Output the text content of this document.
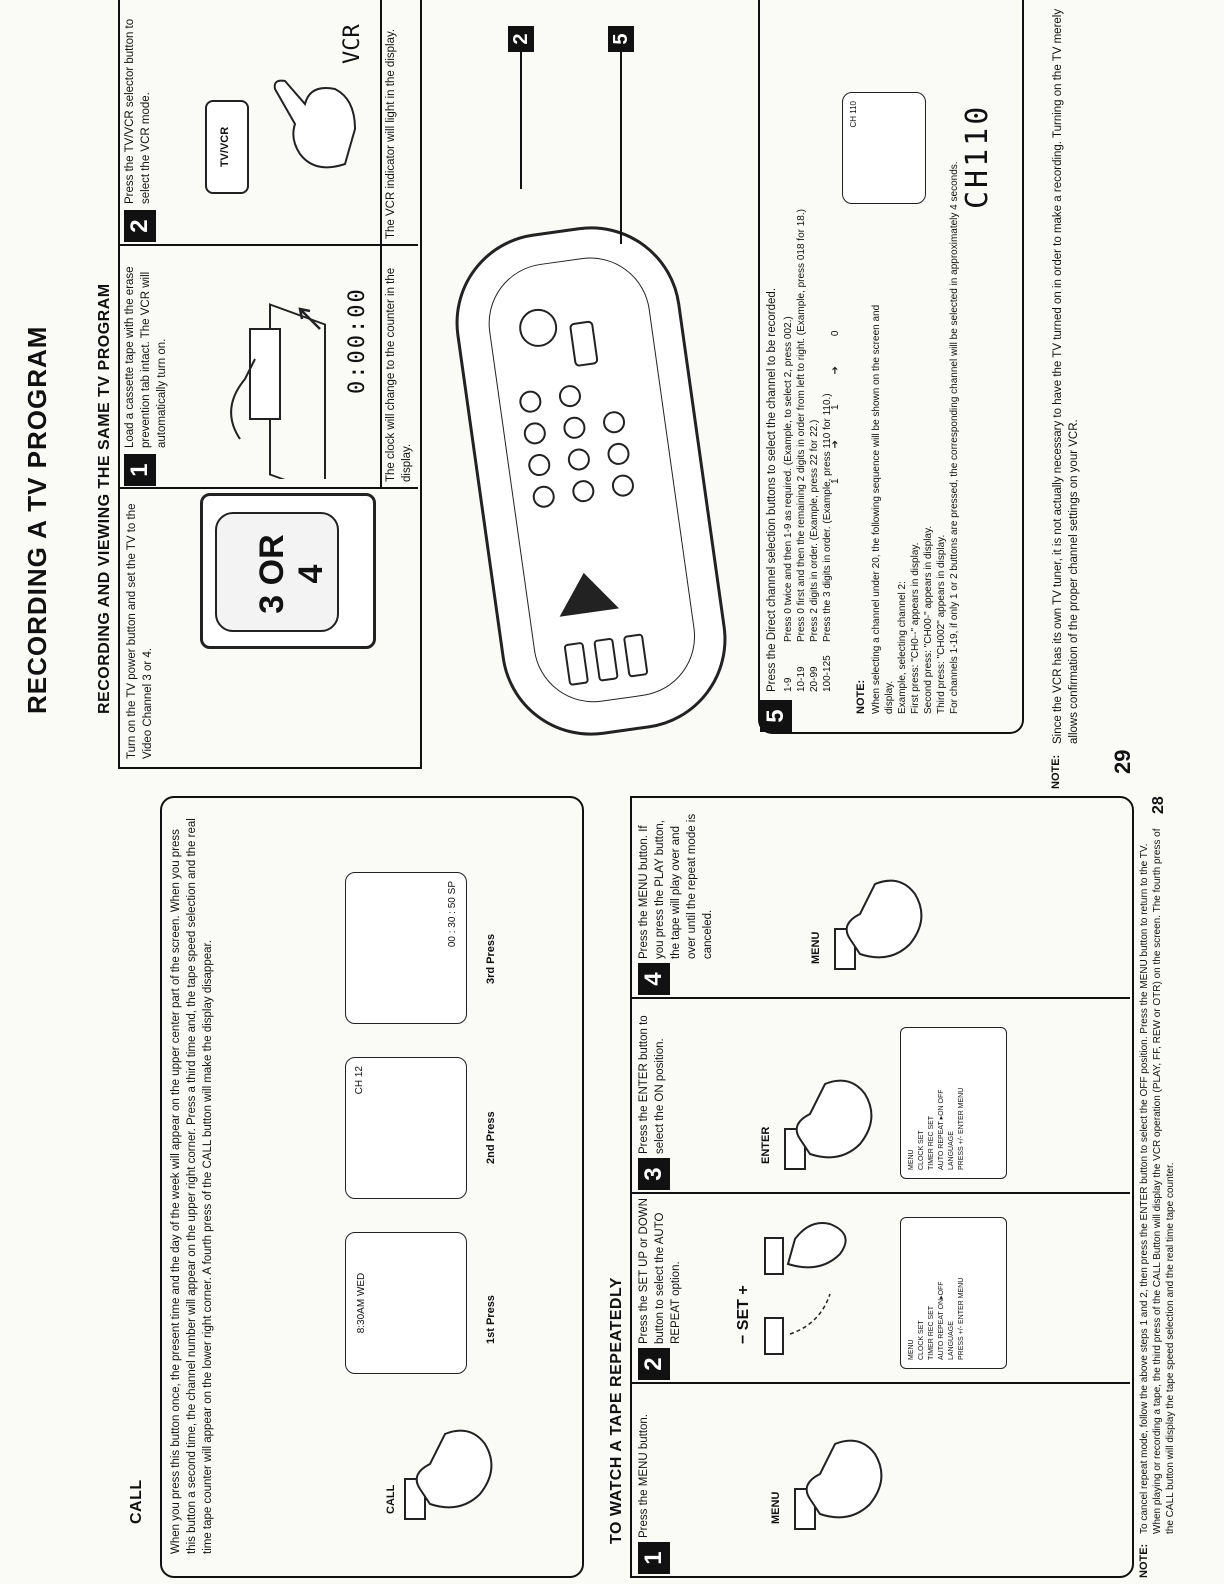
RECORDING A TV PROGRAM	RECORDING AND VIEWING THE SAME TV PROGRAM Turn on the TV power button and set the TV to the Video Channel 3 or 4.
3 OR 4
1
Load a cassette tape with the erase prevention tab intact. The VCR will automatically turn on.	0:00:00 The clock will change to the counter in the display.
2
Press the TV/VCR selector button to select the VCR mode.	TV/VCR
VCR The VCR indicator will light in the display.	2	5
5
Press the Direct channel selection buttons to select the channel to be recorded. 1-9
Press 0 twice and then 1-9 as required. (Example, to select 2, press 002.)
10-19
Press 0 first and then the remaining 2 digits in order from left to right. (Example, press 018 for 18.)
20-99
Press 2 digits in order. (Example, press 22 for 22.)
100-125
Press the 3 digits in order. (Example, press 110 for 110.)
NOTE: When selecting a channel under 20, the following sequence will be shown on the screen and display. Example, selecting channel 2: First press: "CH0--" appears in display. Second press: "CH00-" appears in display. Third press: "CH002" appears in display. For channels 1-19, if only 1 or 2 buttons are pressed, the corresponding channel will be selected in approximately 4 seconds.
1
➔
1
➔
0
CH 110	CH110
NOTE:
Since the VCR has its own TV tuner, it is not actually necessary to have the TV turned on in order to make a recording. Turning on the TV merely allows confirmation of the proper channel settings on your VCR.
29
CALL When you press this button once, the present time and the day of the week will appear on the upper center part of the screen. When you press this button a second time, the channel number will appear on the upper right corner. Press a third time and, the tape speed selection and the real time tape counter will appear on the lower right corner. A fourth press of the CALL button will make the display disappear.	CALL
8:30AM WED	1st Press
CH 12
2nd Press
00 : 30 : 50 SP
3rd Press
TO WATCH A TAPE REPEATEDLY
1
Press the MENU button.	MENU
2
Press the SET UP or DOWN button to select the AUTO REPEAT option.	− SET +
MENU CLOCK SET TIMER REC SET AUTO REPEAT ON▸OFF LANGUAGE PRESS +/- ENTER MENU
3
Press the ENTER button to select the ON position.	ENTER	MENU CLOCK SET TIMER REC SET AUTO REPEAT ▸ON OFF LANGUAGE PRESS +/- ENTER MENU
4
Press the MENU button. If you press the PLAY button, the tape will play over and over until the repeat mode is canceled.	MENU
NOTE:
To cancel repeat mode, follow the above steps 1 and 2, then press the ENTER button to select the OFF position. Press the MENU button to return to the TV. When playing or recording a tape, the third press of the CALL Button will display the VCR operation (PLAY, FF, REW or OTR) on the screen. The fourth press of the CALL button will display the tape speed selection and the real time tape counter.
28
